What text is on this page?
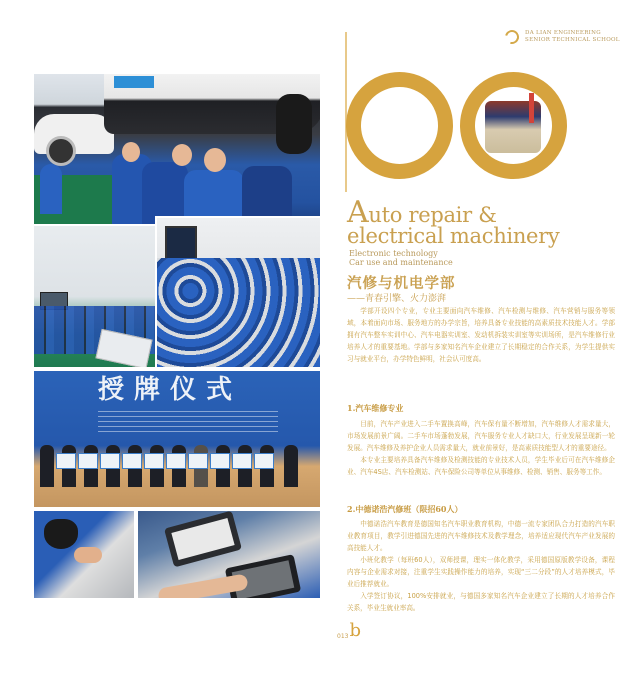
授牌仪式
DA LIAN ENGINEERING
SENIOR TECHNICAL SCHOOL
Auto repair &
electrical machinery
Electronic technology
Car use and maintenance
汽修与机电学部
——青春引擎、火力澎湃

学部开设四个专业，专业主要面向汽车维修、汽车检测与维修、汽车营销与服务等领域，本着面向市场、服务地方的办学宗旨，培养具备专业技能的高素质技术技能人才。学部拥有汽车整车实训中心、汽车电器实训室、发动机拆装实训室等实训场所，是汽车维修行业培养人才的重要基地。学部与多家知名汽车企业建立了长期稳定的合作关系，为学生提供实习与就业平台，办学特色鲜明，社会认可度高。

1.汽车维修专业

目前，汽车产业进入二手车置换高峰，汽车保有量不断增加，汽车维修人才需求量大，市场发展前景广阔。二手车市场蓬勃发展，汽车服务专业人才缺口大，行业发展呈现新一轮发展。汽车维修及养护企业人员需求量大，就业前景好，是高素质技能型人才的重要途径。

本专业主要培养具备汽车维修及检测技能的专业技术人员，学生毕业后可在汽车维修企业、汽车4S店、汽车检测站、汽车保险公司等单位从事维修、检测、销售、服务等工作。

2.中德诺浩汽修班（限招60人）

中德诺浩汽车教育是德国知名汽车职业教育机构，中德一流专家团队合力打造的汽车职业教育项目，教学引进德国先进的汽车维修技术及教学理念，培养适应现代汽车产业发展的高技能人才。

小班化教学（每班60人），双师授课，理实一体化教学，采用德国原版教学设备，课程内容与企业需求对接，注重学生实践操作能力的培养，实现“三二分段”的人才培养模式，毕业后推荐就业。

入学签订协议，100%安排就业，与德国多家知名汽车企业建立了长期的人才培养合作关系，毕业生就业率高。

013 b
